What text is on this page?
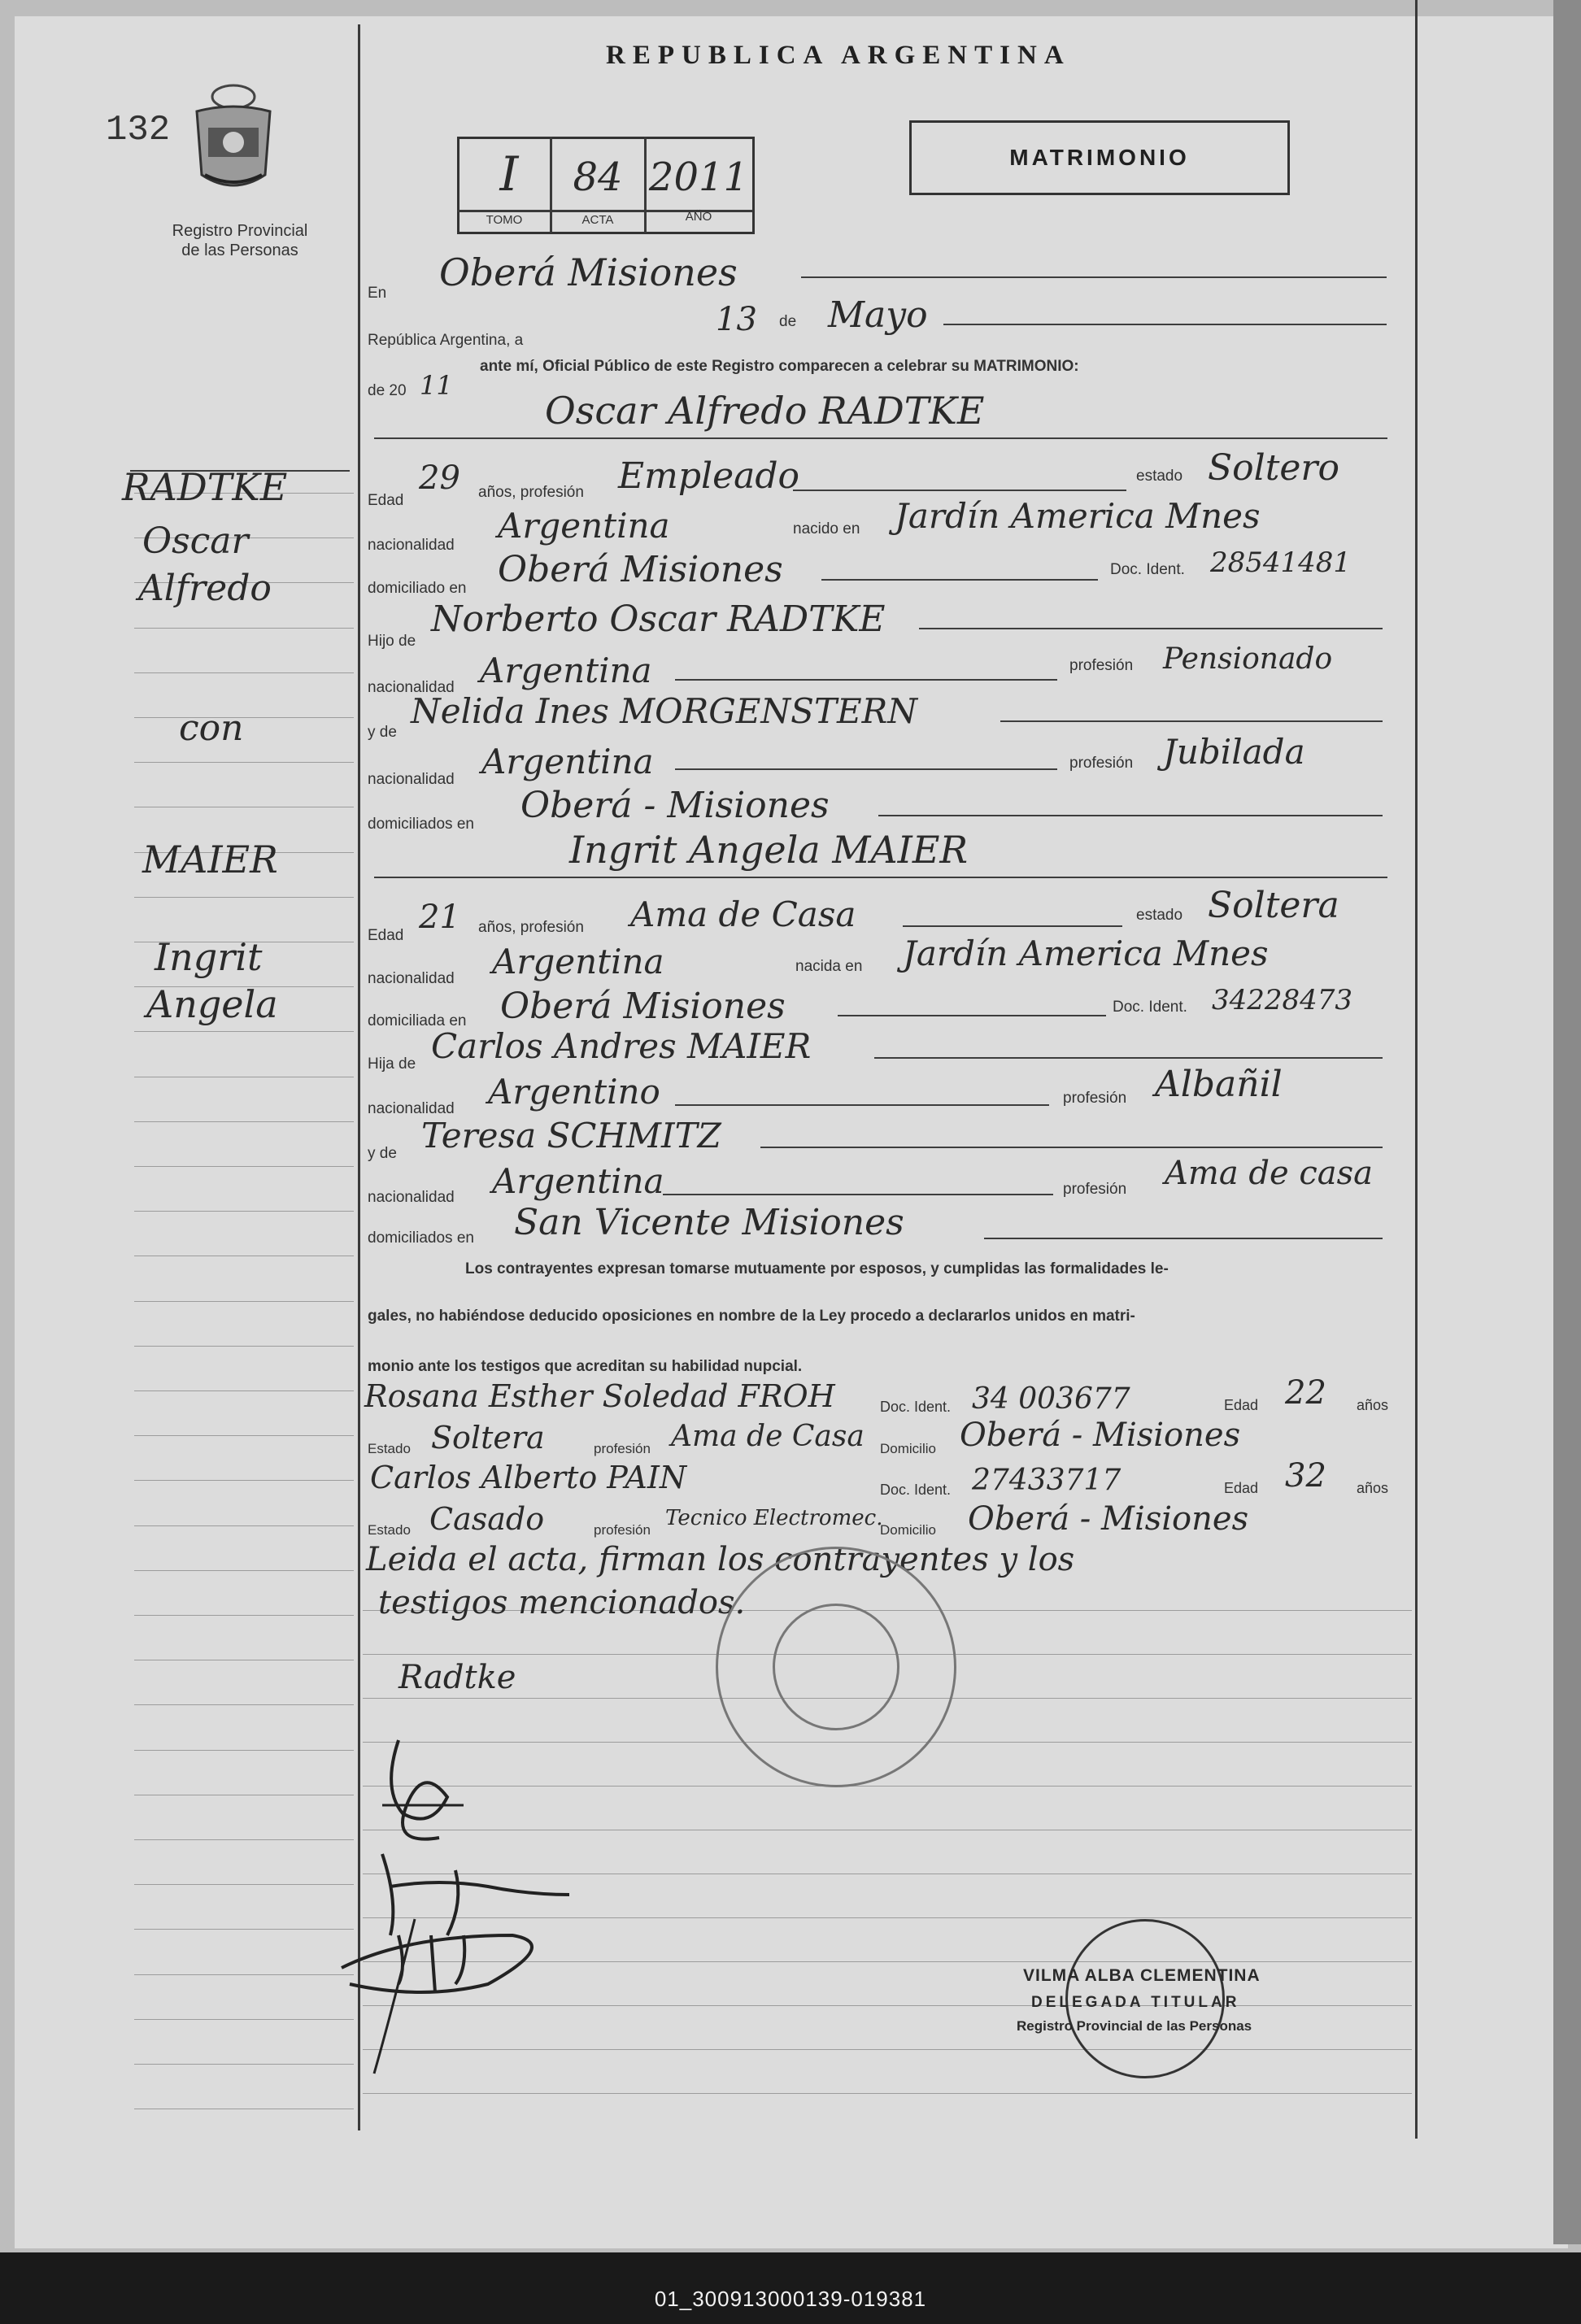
132
Registro Provincial
de las Personas
REPUBLICA ARGENTINA
MATRIMONIO
I	84 2011
TOMO	ACTA	AÑO
En Oberá Misiones
República Argentina, a
13 de Mayo
de 20 11
ante mí, Oficial Público de este Registro comparecen a celebrar su MATRIMONIO:
Oscar Alfredo RADTKE
RADTKE
Oscar
Alfredo
con
MAIER
Ingrit
Angela
Edad
29 años, profesión Empleado	estado Soltero
nacionalidad Argentina	nacido en Jardín America Mnes
domiciliado en Oberá Misiones	Doc. Ident. 28541481
Hijo de
Norberto Oscar RADTKE
nacionalidad Argentina	profesión Pensionado
y de
Nelida Ines MORGENSTERN
nacionalidad Argentina	profesión Jubilada
domiciliados en Oberá - Misiones
Ingrit Angela MAIER
Edad 21 años, profesión Ama de Casa	estado Soltera
nacionalidad Argentina	nacida en Jardín America Mnes
domiciliada en Oberá Misiones	Doc. Ident. 34228473
Hija de Carlos Andres MAIER
nacionalidad Argentino	profesión Albañil
y de Teresa SCHMITZ
nacionalidad Argentina	profesión Ama de casa
domiciliados en San Vicente Misiones
Los contrayentes expresan tomarse mutuamente por esposos, y cumplidas las formalidades le-
gales, no habiéndose deducido oposiciones en nombre de la Ley procedo a declararlos unidos en matri-
monio ante los testigos que acreditan su habilidad nupcial.
Rosana Esther Soledad FROH	Doc. Ident. 34 003677	Edad 22 años
Estado Soltera	profesión Ama de Casa Domicilio Oberá - Misiones
Carlos Alberto PAIN	Doc. Ident. 27433717	Edad 32 años
Estado Casado	profesión Tecnico Electromec.
Domicilio Oberá - Misiones
Leida el acta, firman los contrayentes y los
testigos mencionados.
Radtke
VILMA ALBA CLEMENTINA
DELEGADA TITULAR
Registro Provincial de las Personas
01_300913000139-019381
